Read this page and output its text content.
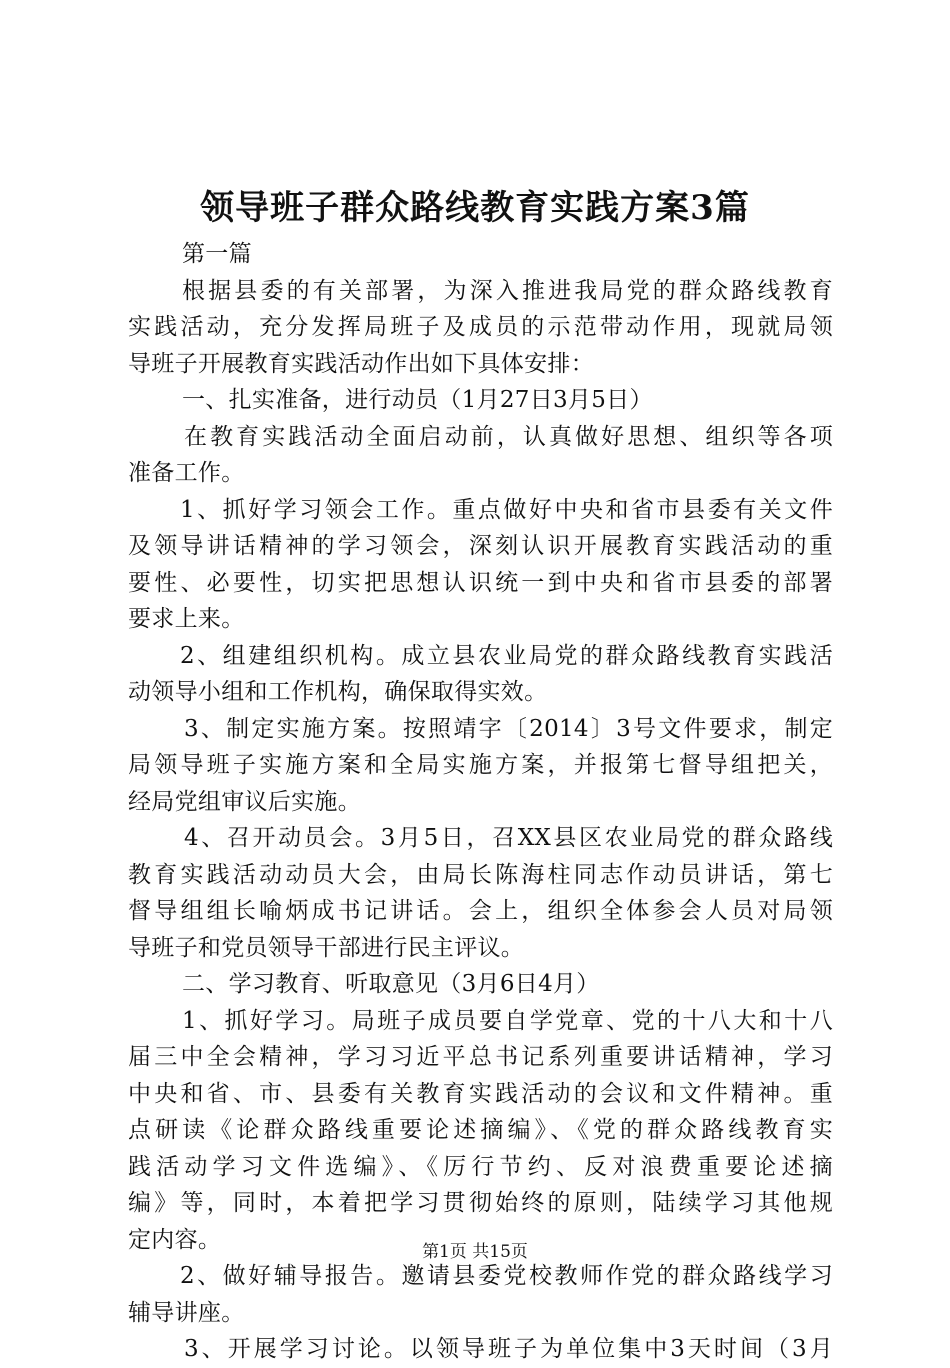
领导班子群众路线教育实践方案3篇
第一篇
根据县委的有关部署，为深入推进我局党的群众路线教育
实践活动，充分发挥局班子及成员的示范带动作用，现就局领
导班子开展教育实践活动作出如下具体安排：
一、扎实准备，进行动员（1月27日3月5日）
在教育实践活动全面启动前，认真做好思想、组织等各项
准备工作。
1、抓好学习领会工作。重点做好中央和省市县委有关文件
及领导讲话精神的学习领会，深刻认识开展教育实践活动的重
要性、必要性，切实把思想认识统一到中央和省市县委的部署
要求上来。
2、组建组织机构。成立县农业局党的群众路线教育实践活
动领导小组和工作机构，确保取得实效。
3、制定实施方案。按照靖字〔2014〕3号文件要求，制定
局领导班子实施方案和全局实施方案，并报第七督导组把关，
经局党组审议后实施。
4、召开动员会。3月5日，召XX县区农业局党的群众路线
教育实践活动动员大会，由局长陈海柱同志作动员讲话，第七
督导组组长喻炳成书记讲话。会上，组织全体参会人员对局领
导班子和党员领导干部进行民主评议。
二、学习教育、听取意见（3月6日4月）
1、抓好学习。局班子成员要自学党章、党的十八大和十八
届三中全会精神，学习习近平总书记系列重要讲话精神，学习
中央和省、市、县委有关教育实践活动的会议和文件精神。重
点研读《论群众路线重要论述摘编》、《党的群众路线教育实
践活动学习文件选编》、《厉行节约、反对浪费重要论述摘
编》等，同时，本着把学习贯彻始终的原则，陆续学习其他规
定内容。
2、做好辅导报告。邀请县委党校教师作党的群众路线学习
辅导讲座。
3、开展学习讨论。以领导班子为单位集中3天时间（3月
第1页 共15页
